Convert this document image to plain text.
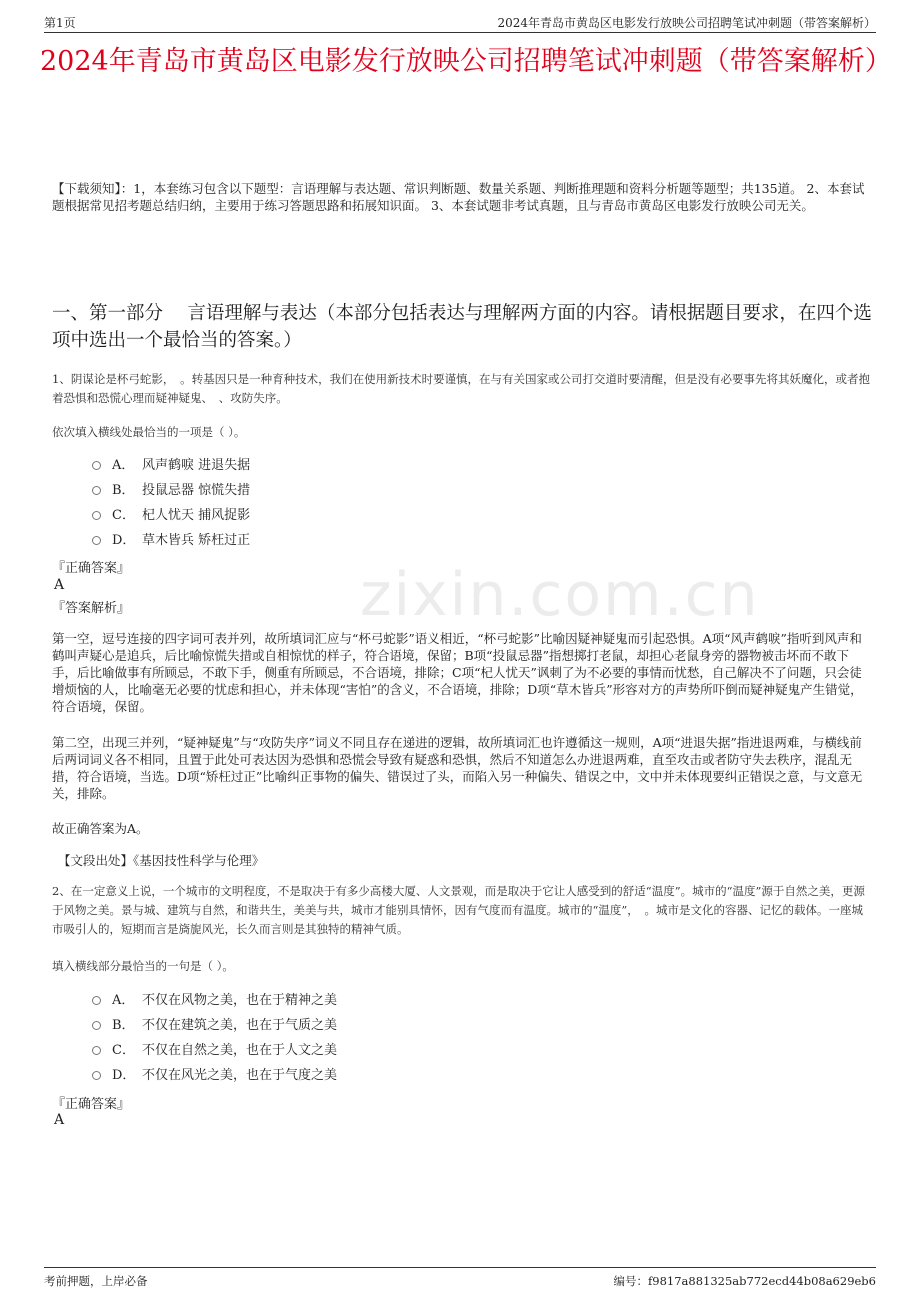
第1页	2024年青岛市黄岛区电影发行放映公司招聘笔试冲刺题（带答案解析）
zixin.com.cn
2024年青岛市黄岛区电影发行放映公司招聘笔试冲刺题（带答案解析）
【下载须知】：1，本套练习包含以下题型：言语理解与表达题、常识判断题、数量关系题、判断推理题和资料分析题等题型；共135道。 2、本套试题根据常见招考题总结归纳，主要用于练习答题思路和拓展知识面。 3、本套试题非考试真题，且与青岛市黄岛区电影发行放映公司无关。
一、第一部分　 言语理解与表达（本部分包括表达与理解两方面的内容。请根据题目要求，在四个选项中选出一个最恰当的答案。）
1、阴谋论是杯弓蛇影，　。转基因只是一种育种技术，我们在使用新技术时要谨慎，在与有关国家或公司打交道时要清醒，但是没有必要事先将其妖魔化，或者抱着恐惧和恐慌心理而疑神疑鬼、　、攻防失序。
依次填入横线处最恰当的一项是（ ）。
A． 风声鹤唳 进退失据
B． 投鼠忌器 惊慌失措
C． 杞人忧天 捕风捉影
D． 草木皆兵 矫枉过正
『正确答案』
A
『答案解析』
第一空，逗号连接的四字词可表并列，故所填词汇应与“杯弓蛇影”语义相近，“杯弓蛇影”比喻因疑神疑鬼而引起恐惧。A项“风声鹤唳”指听到风声和鹤叫声疑心是追兵，后比喻惊慌失措或自相惊忧的样子，符合语境，保留；B项“投鼠忌器”指想掷打老鼠，却担心老鼠身旁的器物被击坏而不敢下手，后比喻做事有所顾忌，不敢下手，侧重有所顾忌，不合语境，排除；C项“杞人忧天”讽刺了为不必要的事情而忧愁，自己解决不了问题，只会徒增烦恼的人，比喻毫无必要的忧虑和担心，并未体现“害怕”的含义，不合语境，排除；D项“草木皆兵”形容对方的声势所吓倒而疑神疑鬼产生错觉，符合语境，保留。
第二空，出现三并列，“疑神疑鬼”与“攻防失序”词义不同且存在递进的逻辑，故所填词汇也许遵循这一规则，A项“进退失据”指进退两难，与横线前后两词词义各不相同，且置于此处可表达因为恐惧和恐慌会导致有疑惑和恐惧，然后不知道怎么办进退两难，直至攻击或者防守失去秩序，混乱无措，符合语境，当选。D项“矫枉过正”比喻纠正事物的偏失、错误过了头，而陷入另一种偏失、错误之中，文中并未体现要纠正错误之意，与文意无关，排除。
故正确答案为A。
【文段出处】《基因技性科学与伦理》
2、在一定意义上说，一个城市的文明程度，不是取决于有多少高楼大厦、人文景观，而是取决于它让人感受到的舒适“温度”。城市的“温度”源于自然之美，更源于风物之美。景与城、建筑与自然，和谐共生，美美与共，城市才能别具情怀，因有气度而有温度。城市的“温度”，　。城市是文化的容器、记忆的载体。一座城市吸引人的，短期而言是旖旎风光，长久而言则是其独特的精神气质。
填入横线部分最恰当的一句是（ ）。
A． 不仅在风物之美，也在于精神之美
B． 不仅在建筑之美，也在于气质之美
C． 不仅在自然之美，也在于人文之美
D． 不仅在风光之美，也在于气度之美
『正确答案』
A
考前押题，上岸必备	编号：f9817a881325ab772ecd44b08a629eb6
